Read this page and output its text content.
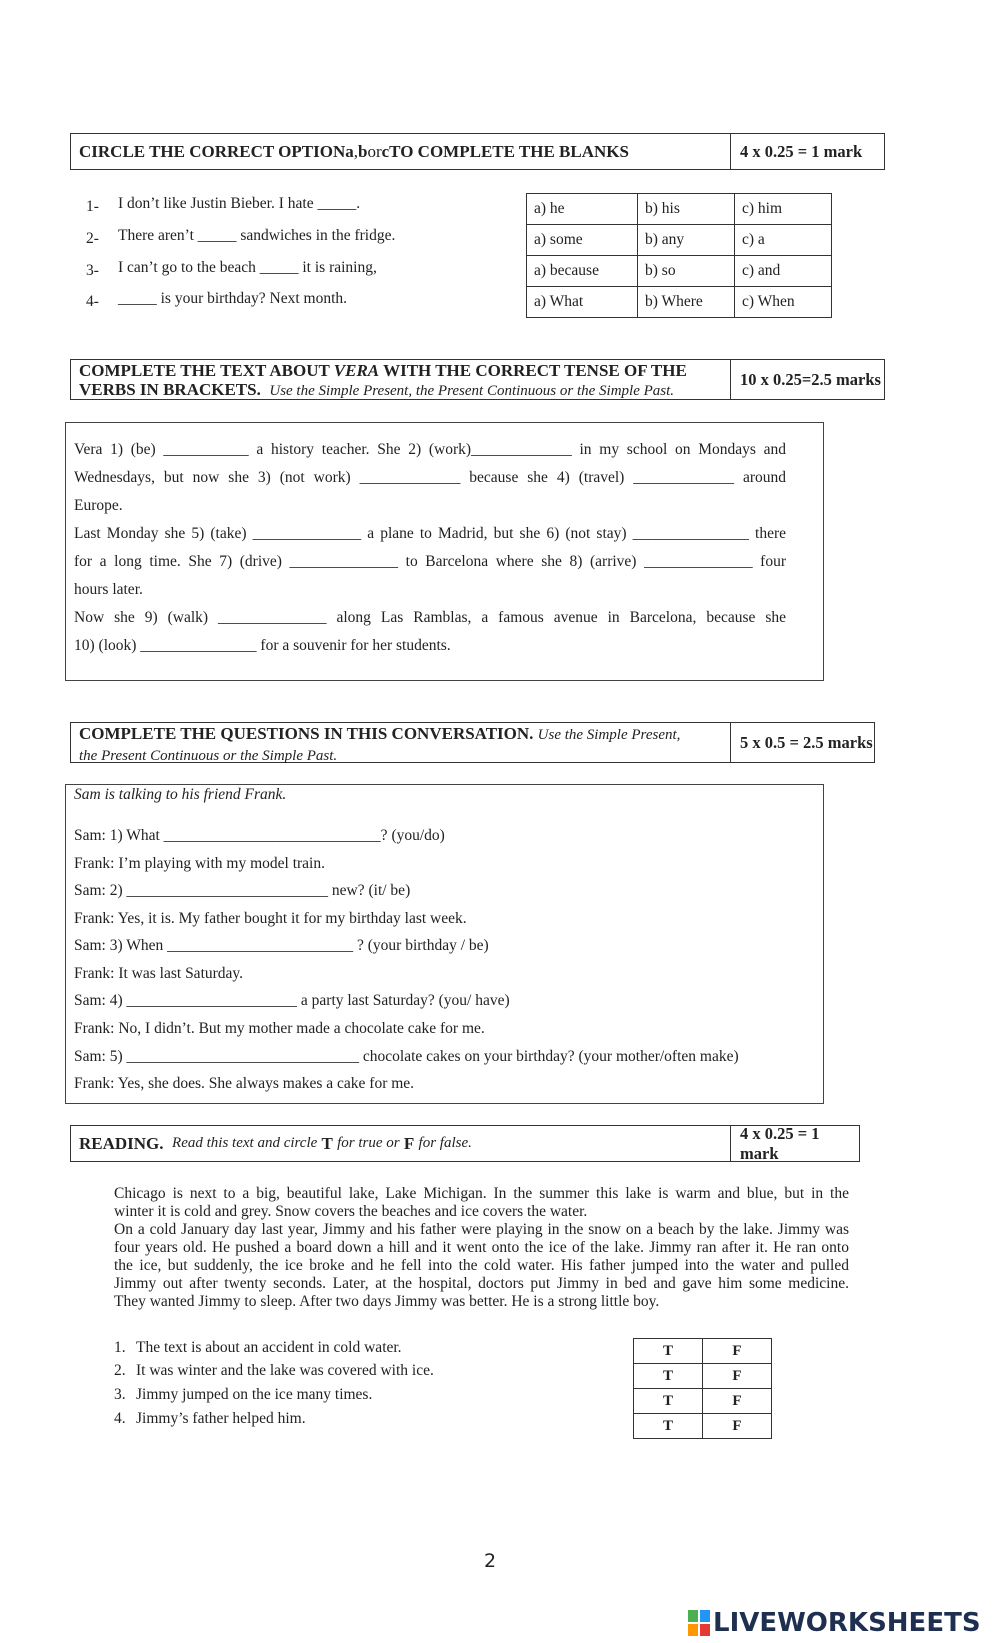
CIRCLE THE CORRECT OPTION a , b or c TO COMPLETE THE BLANKS	4 x 0.25 = 1 mark
1- I don’t like Justin Bieber. I hate _____.
2- There aren’t _____ sandwiches in the fridge.
3- I can’t go to the beach _____ it is raining,
4- _____ is your birthday? Next month.
a) he	b) his	c) him
a) some	b) any	c) a
a) because	b) so	c) and
a) What	b) Where	c) When
COMPLETE THE TEXT ABOUT VERA WITH THE CORRECT TENSE OF THE
VERBS IN BRACKETS. Use the Simple Present, the Present Continuous or the Simple Past.
10 x 0.25=2.5 marks
Vera 1) (be) ___________ a history teacher. She 2) (work)_____________ in my school on Mondays and
Wednesdays, but now she 3) (not work) _____________ because she 4) (travel) _____________ around
Europe.
Last Monday she 5) (take) ______________ a plane to Madrid, but she 6) (not stay) _______________ there
for a long time. She 7) (drive) ______________ to Barcelona where she 8) (arrive) ______________ four
hours later.
Now she 9) (walk) ______________ along Las Ramblas, a famous avenue in Barcelona, because she
10) (look) _______________ for a souvenir for her students.
COMPLETE THE QUESTIONS IN THIS CONVERSATION. Use the Simple Present,
the Present Continuous or the Simple Past.
5 x 0.5 = 2.5 marks
Sam is talking to his friend Frank.
Sam: 1) What ____________________________? (you/do)
Frank: I’m playing with my model train.
Sam: 2) __________________________ new? (it/ be)
Frank: Yes, it is. My father bought it for my birthday last week.
Sam: 3) When ________________________ ? (your birthday / be)
Frank: It was last Saturday.
Sam: 4) ______________________ a party last Saturday? (you/ have)
Frank: No, I didn’t. But my mother made a chocolate cake for me.
Sam: 5) ______________________________ chocolate cakes on your birthday? (your mother/often make)
Frank: Yes, she does. She always makes a cake for me.
READING.
Read this text and circle
T
for true or
F
for false.
4 x 0.25 = 1 mark
Chicago is next to a big, beautiful lake, Lake Michigan. In the summer this lake is warm and blue, but in the
winter it is cold and grey. Snow covers the beaches and ice covers the water.
On a cold January day last year, Jimmy and his father were playing in the snow on a beach by the lake. Jimmy was
four years old. He pushed a board down a hill and it went onto the ice of the lake. Jimmy ran after it. He ran onto
the ice, but suddenly, the ice broke and he fell into the cold water. His father jumped into the water and pulled
Jimmy out after twenty seconds. Later, at the hospital, doctors put Jimmy in bed and gave him some medicine.
They wanted Jimmy to sleep. After two days Jimmy was better. He is a strong little boy.
1. The text is about an accident in cold water.
2. It was winter and the lake was covered with ice.
3. Jimmy jumped on the ice many times.
4. Jimmy’s father helped him.
T	F
T	F
T	F
T	F
2
LIVEWORKSHEETS
